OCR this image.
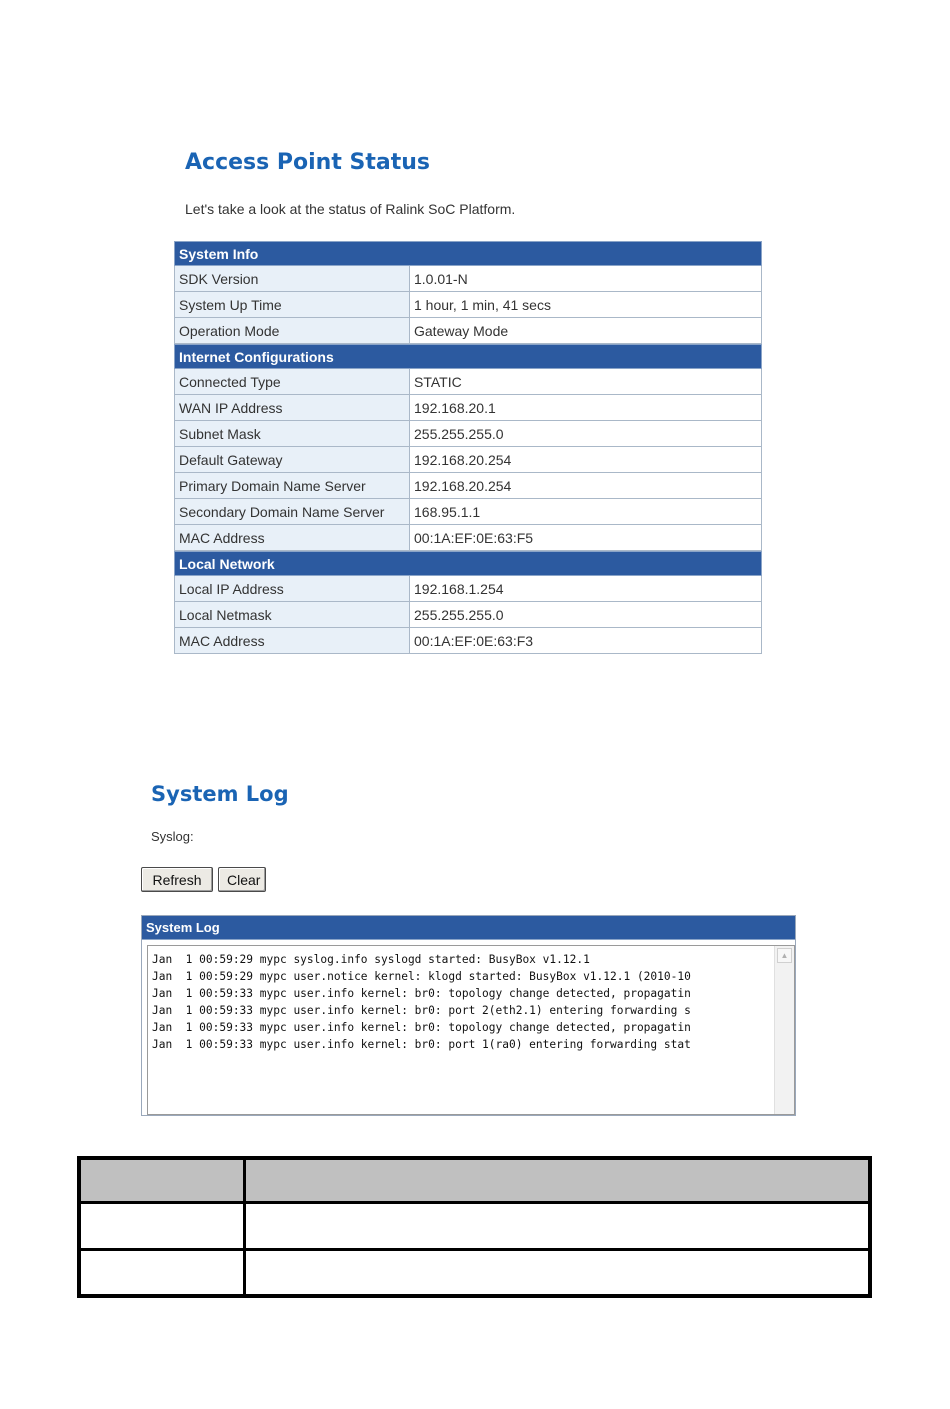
Access Point Status
Let's take a look at the status of Ralink SoC Platform.
System Info	
SDK Version	1.0.01-N
System Up Time	1 hour, 1 min, 41 secs
Operation Mode	Gateway Mode
Internet Configurations	
Connected Type	STATIC
WAN IP Address	192.168.20.1
Subnet Mask	255.255.255.0
Default Gateway	192.168.20.254
Primary Domain Name Server	192.168.20.254
Secondary Domain Name Server	168.95.1.1
MAC Address	00:1A:EF:0E:63:F5
Local Network	
Local IP Address	192.168.1.254
Local Netmask	255.255.255.0
MAC Address	00:1A:EF:0E:63:F3
System Log
Syslog:
Refresh	Clear
System Log
Jan  1 00:59:29 mypc syslog.info syslogd started: BusyBox v1.12.1
Jan  1 00:59:29 mypc user.notice kernel: klogd started: BusyBox v1.12.1 (2010-10
Jan  1 00:59:33 mypc user.info kernel: br0: topology change detected, propagatin
Jan  1 00:59:33 mypc user.info kernel: br0: port 2(eth2.1) entering forwarding s
Jan  1 00:59:33 mypc user.info kernel: br0: topology change detected, propagatin
Jan  1 00:59:33 mypc user.info kernel: br0: port 1(ra0) entering forwarding stat
▲
